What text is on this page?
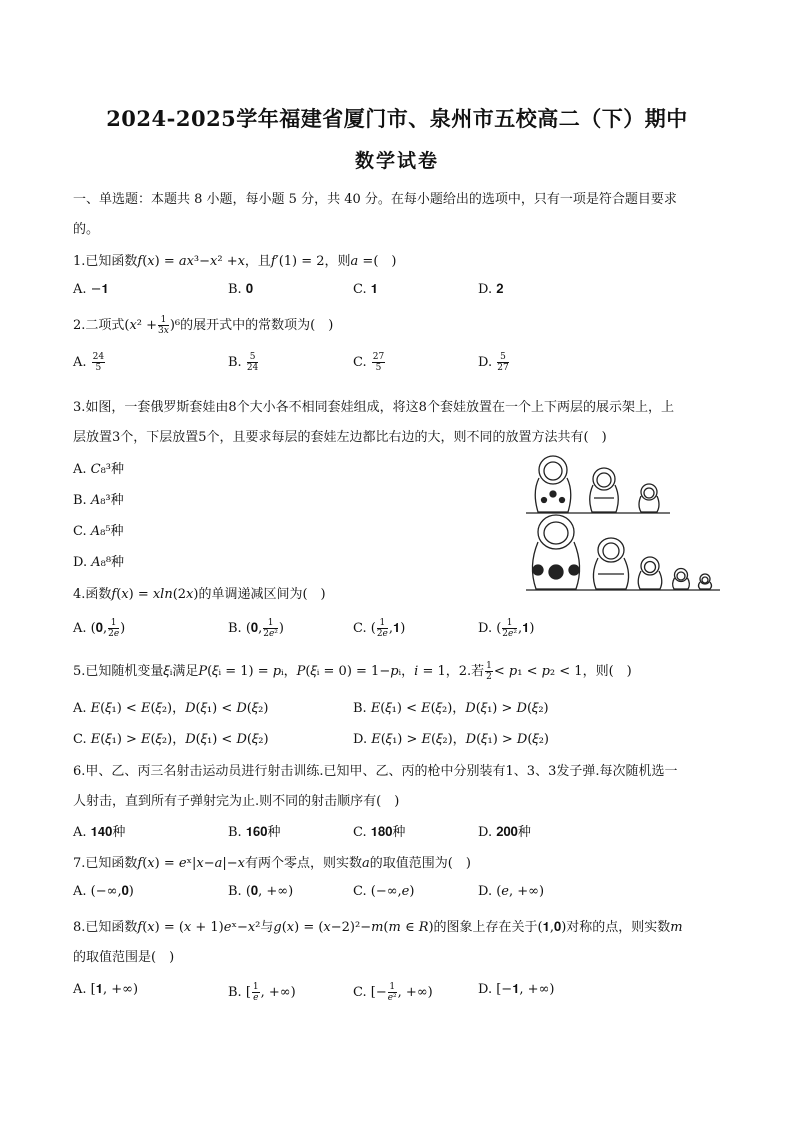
2024-2025学年福建省厦门市、泉州市五校高二（下）期中
数学试卷
一、单选题：本题共 8 小题，每小题 5 分，共 40 分。在每小题给出的选项中，只有一项是符合题目要求
的。
1.已知函数𝑓(𝑥) = 𝑎𝑥³−𝑥² +𝑥，且𝑓′(1) = 2，则𝑎 =(　)
A. −𝟏	B. 𝟎	C. 𝟏	D. 𝟐
2.二项式(𝑥² + $\frac{1}{\text{3𝑥}} )^6$的展开式中的常数项为(　)
A. $\frac{24}{5}$	B. $\frac{5}{24}$	C. $\frac{27}{5}$	D. $\frac{5}{27}$
3.如图，一套俄罗斯套娃由8个大小各不相同套娃组成，将这8个套娃放置在一个上下两层的展示架上，上
层放置3个，下层放置5个，且要求每层的套娃左边都比右边的大，则不同的放置方法共有(　)
A. 𝐶₈³种
B. 𝐴₈³种
C. 𝐴₈⁵种
D. 𝐴₈⁸种
4.函数𝑓(𝑥) = 𝑥𝑙𝑛(2𝑥)的单调递减区间为(　)
A. (𝟎, $\frac{1}{\text{2𝑒}}$ )	B. (𝟎, $\frac{1}{\text{2𝑒²}}$ )	C. ( $\frac{1}{\text{2𝑒}}$ ,𝟏)	D. ( $\frac{1}{\text{2𝑒²}}$ ,𝟏)
5.已知随机变量𝜉ᵢ满足𝑃(𝜉ᵢ = 1) = 𝑝ᵢ，𝑃(𝜉ᵢ = 0) = 1−𝑝ᵢ，𝑖 = 1，2.若 $\frac{1}{2}$ < 𝑝₁ < 𝑝₂ < 1，则(　)
A. 𝐸(𝜉₁) < 𝐸(𝜉₂)，𝐷(𝜉₁) < 𝐷(𝜉₂)	B. 𝐸(𝜉₁) < 𝐸(𝜉₂)，𝐷(𝜉₁) > 𝐷(𝜉₂)
C. 𝐸(𝜉₁) > 𝐸(𝜉₂)，𝐷(𝜉₁) < 𝐷(𝜉₂)	D. 𝐸(𝜉₁) > 𝐸(𝜉₂)，𝐷(𝜉₁) > 𝐷(𝜉₂)
6.甲、乙、丙三名射击运动员进行射击训练.已知甲、乙、丙的枪中分别装有1、3、3发子弹.每次随机选一
人射击，直到所有子弹射完为止.则不同的射击顺序有(　)
A. 𝟏𝟒𝟎种	B. 𝟏𝟔𝟎种	C. 𝟏𝟖𝟎种	D. 𝟐𝟎𝟎种
7.已知函数𝑓(𝑥) = 𝑒ˣ|𝑥−𝑎|−𝑥有两个零点，则实数𝑎的取值范围为(　)
A. (−∞,𝟎)	B. (𝟎, +∞)	C. (−∞,𝑒)	D. (𝑒, +∞)
8.已知函数𝑓(𝑥) = (𝑥 + 1)𝑒ˣ−𝑥²与𝑔(𝑥) = (𝑥−2)²−𝑚(𝑚 ∈ 𝑅)的图象上存在关于(𝟏,𝟎)对称的点，则实数𝑚
的取值范围是(　)
A. [𝟏, +∞)	B. [ $\frac{1}{\text{𝑒}}$ , +∞)	C. [− $\frac{1}{\text{𝑒²}}$ , +∞)	D. [−𝟏, +∞)
